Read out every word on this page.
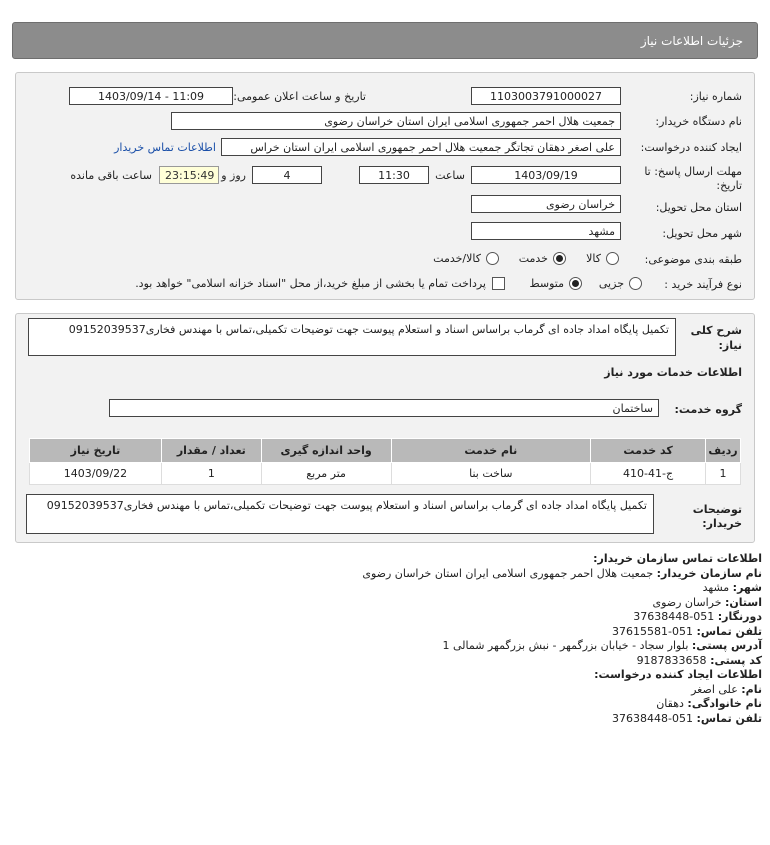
جزئیات اطلاعات نیاز
شماره نیاز:
1103003791000027
تاریخ و ساعت اعلان عمومی:
1403/09/14 - 11:09
نام دستگاه خریدار:
جمعیت هلال احمر جمهوری اسلامی ایران استان خراسان رضوی
ایجاد کننده درخواست:
علی اصغر دهقان تجاتگر جمعیت هلال احمر جمهوری اسلامی ایران استان خراس
اطلاعات تماس خریدار
مهلت ارسال پاسخ: تا
تاریخ:
1403/09/19
ساعت
11:30
4
روز و
23:15:49
ساعت باقی مانده
استان محل تحویل:
خراسان رضوی
شهر محل تحویل:
مشهد
طبقه بندی موضوعی:
کالا
خدمت
کالا/خدمت
نوع فرآیند خرید :
جزیی
متوسط
پرداخت تمام یا بخشی از مبلغ خرید،از محل "اسناد خزانه اسلامی" خواهد بود.
شرح کلی
نیاز:
تکمیل پایگاه امداد جاده ای گرماب براساس اسناد و استعلام پیوست جهت توضیحات تکمیلی،تماس با مهندس فخاری09152039537
اطلاعات خدمات مورد نیاز
گروه خدمت:
ساختمان
ردیف	کد خدمت	نام خدمت	واحد اندازه گیری	تعداد / مقدار	تاریخ نیاز
1	ج-41-410	ساخت بنا	متر مربع	1	1403/09/22
توضیحات
خریدار:
تکمیل پایگاه امداد جاده ای گرماب براساس اسناد و استعلام پیوست جهت توضیحات تکمیلی،تماس با مهندس فخاری09152039537
اطلاعات تماس سازمان خریدار:
نام سازمان خریدار: جمعیت هلال احمر جمهوری اسلامی ایران استان خراسان رضوی
شهر: مشهد
استان: خراسان رضوی
دورنگار: 051-37638448
تلفن تماس: 051-37615581
آدرس پستی: بلوار سجاد - خیابان بزرگمهر - نبش بزرگمهر شمالی 1
کد پستی: 9187833658
اطلاعات ایجاد کننده درخواست:
نام: علی اصغر
نام خانوادگی: دهقان
تلفن تماس: 051-37638448
